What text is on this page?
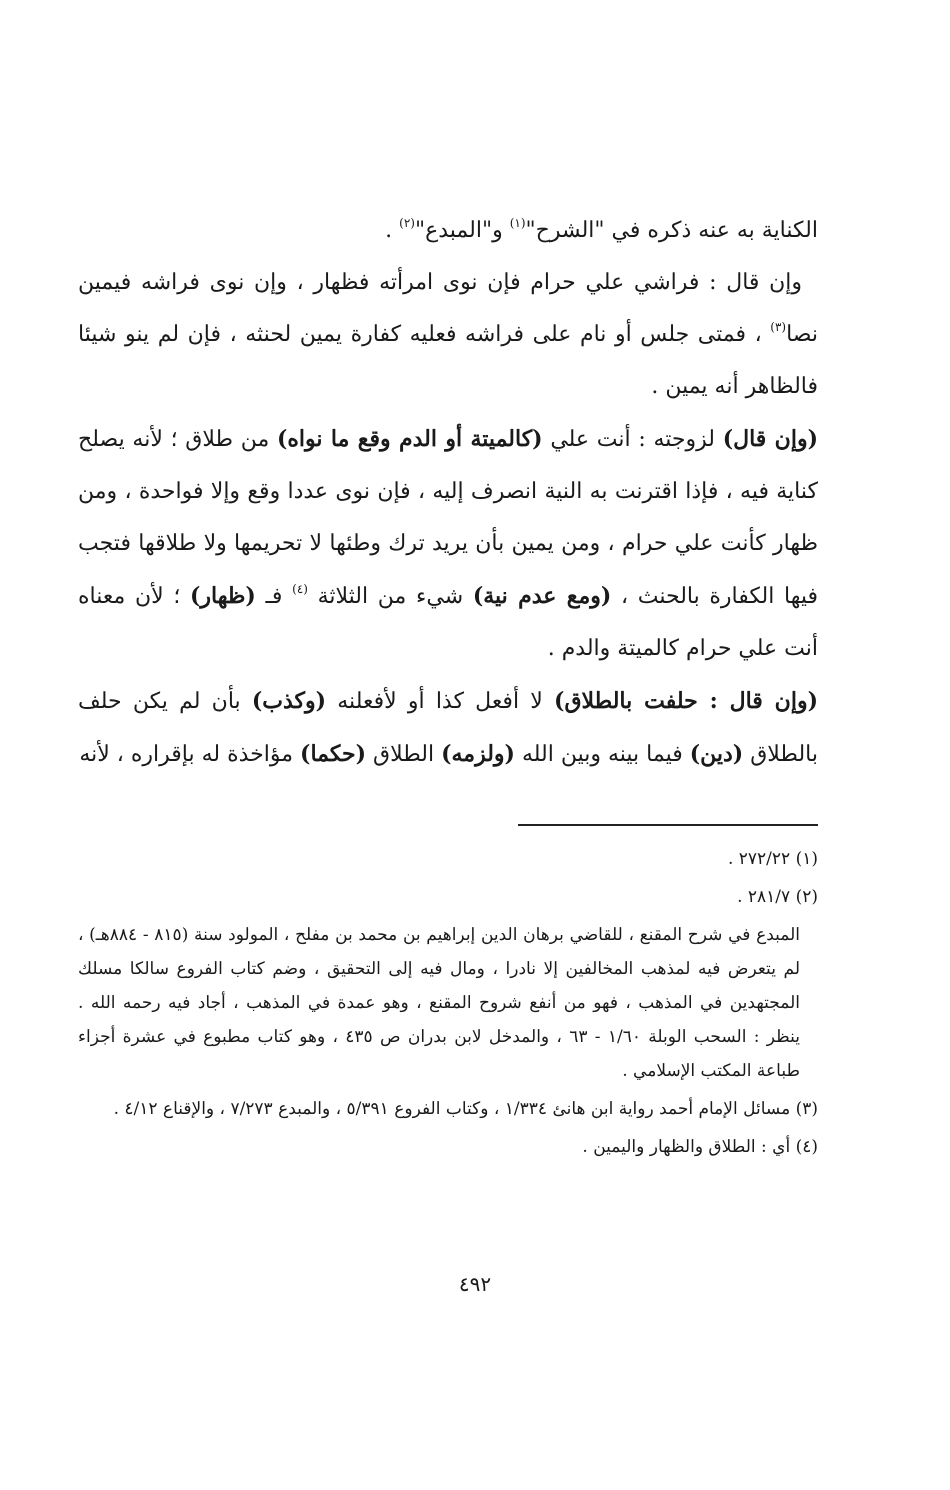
الكناية به عنه ذكره في "الشرح"$^{(١)}$ و"المبدع"$^{(٢)}$ .

وإن قال : فراشي علي حرام فإن نوى امرأته فظهار ، وإن نوى فراشه فيمين نصا$^{(٣)}$ ، فمتى جلس أو نام على فراشه فعليه كفارة يمين لحنثه ، فإن لم ينو شيئا فالظاهر أنه يمين .

(وإن قال) لزوجته : أنت علي (كالميتة أو الدم وقع ما نواه) من طلاق ؛ لأنه يصلح كناية فيه ، فإذا اقترنت به النية انصرف إليه ، فإن نوى عددا وقع وإلا فواحدة ، ومن ظهار كأنت علي حرام ، ومن يمين بأن يريد ترك وطئها لا تحريمها ولا طلاقها فتجب فيها الكفارة بالحنث ، (ومع عدم نية) شيء من الثلاثة $^{(٤)}$ فـ (ظهار) ؛ لأن معناه أنت علي حرام كالميتة والدم .

(وإن قال : حلفت بالطلاق) لا أفعل كذا أو لأفعلنه (وكذب) بأن لم يكن حلف بالطلاق (دين) فيما بينه وبين الله (ولزمه) الطلاق (حكما) مؤاخذة له بإقراره ، لأنه

(١) ٢٧٢/٢٢ .

(٢) ٢٨١/٧ .

المبدع في شرح المقنع ، للقاضي برهان الدين إبراهيم بن محمد بن مفلح ، المولود سنة (٨١٥ - ٨٨٤هـ) ، لم يتعرض فيه لمذهب المخالفين إلا نادرا ، ومال فيه إلى التحقيق ، وضم كتاب الفروع سالكا مسلك المجتهدين في المذهب ، فهو من أنفع شروح المقنع ، وهو عمدة في المذهب ، أجاد فيه رحمه الله . ينظر : السحب الوبلة ١/٦٠ - ٦٣ ، والمدخل لابن بدران ص ٤٣٥ ، وهو كتاب مطبوع في عشرة أجزاء طباعة المكتب الإسلامي .

(٣) مسائل الإمام أحمد رواية ابن هانئ ١/٣٣٤ ، وكتاب الفروع ٥/٣٩١ ، والمبدع ٧/٢٧٣ ، والإقناع ٤/١٢ .

(٤) أي : الطلاق والظهار واليمين .

٤٩٢
